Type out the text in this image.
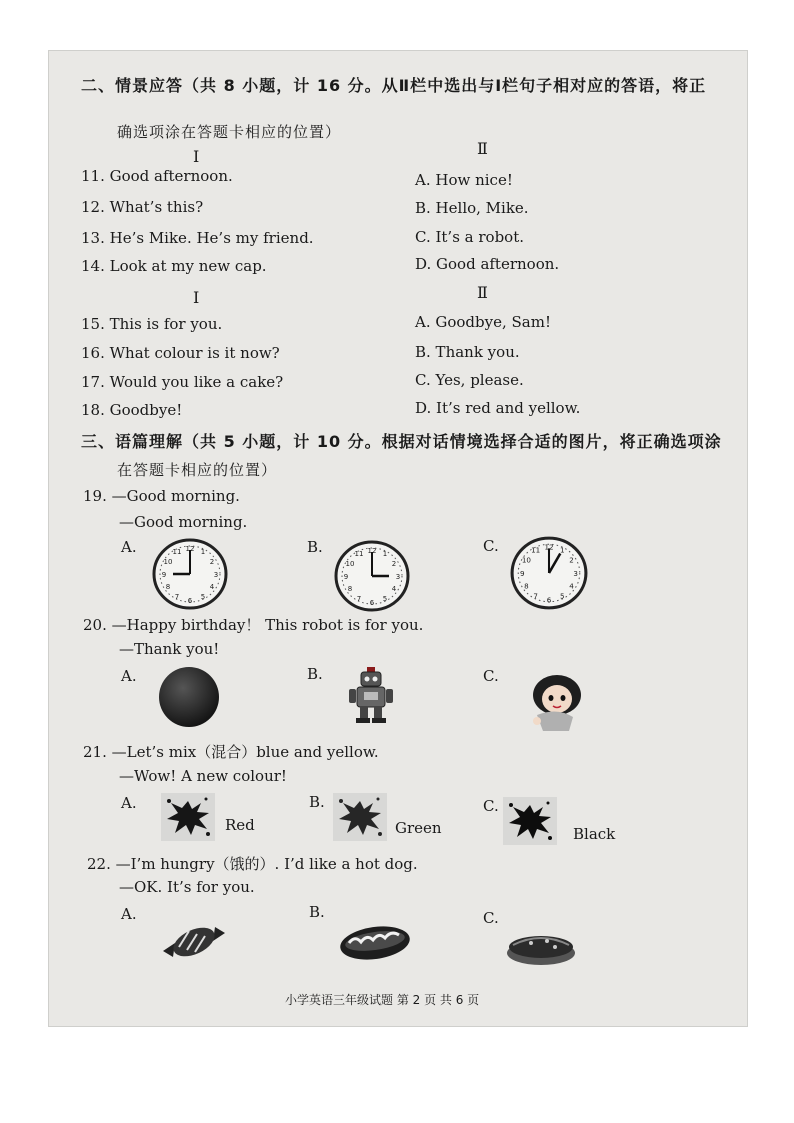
二、情景应答（共 8 小题，计 16 分。从Ⅱ栏中选出与Ⅰ栏句子相对应的答语，将正
确选项涂在答题卡相应的位置）
Ⅰ	Ⅱ
11. Good afternoon.
12. What’s this?
13. He’s Mike. He’s my friend.
14. Look at my new cap.
A. How nice!
B. Hello, Mike.
C. It’s a robot.
D. Good afternoon.
Ⅰ	Ⅱ
15. This is for you.
16. What colour is it now?
17. Would you like a cake?
18. Goodbye!
A. Goodbye, Sam!
B. Thank you.
C. Yes, please.
D. It’s red and yellow.
三、语篇理解（共 5 小题，计 10 分。根据对话情境选择合适的图片，将正确选项涂
在答题卡相应的位置）
19. —Good morning.
—Good morning.
A.	B.	C.
12 1
2
3
4
5
6
7
8
9
10
11	12 1
2
3
4
5
6
7
8
9
10
11
12 1
2
3
4
5
6
7
8
9
10
11
20. —Happy birthday！ This robot is for you.
—Thank you!
A.	B.	C.
21. —Let’s mix（混合）blue and yellow.
—Wow! A new colour!
A.	B.	C.
Red	Green	Black
22. —I’m hungry（饿的）. I’d like a hot dog.
—OK. It’s for you.
A.	B.	C.
小学英语三年级试题 第 2 页 共 6 页
